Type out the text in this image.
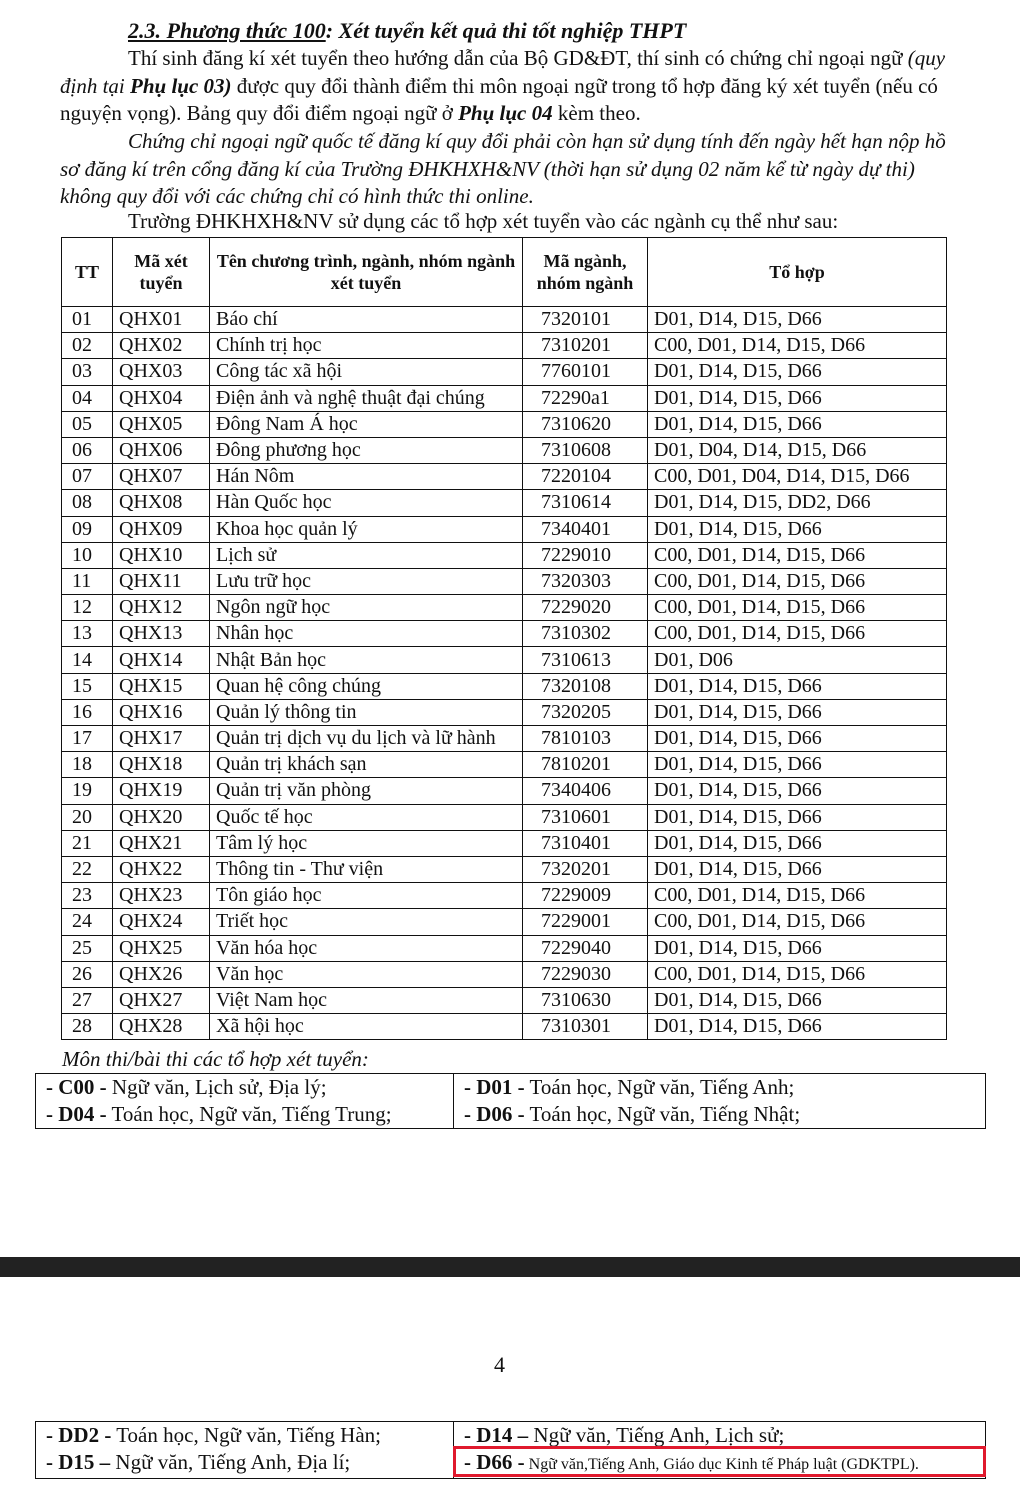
2.3. Phương thức 100: Xét tuyển kết quả thi tốt nghiệp THPT
Thí sinh đăng kí xét tuyển theo hướng dẫn của Bộ GD&ĐT, thí sinh có chứng chỉ ngoại ngữ (quy định tại Phụ lục 03) được quy đổi thành điểm thi môn ngoại ngữ trong tổ hợp đăng ký xét tuyển (nếu có nguyện vọng). Bảng quy đổi điểm ngoại ngữ ở Phụ lục 04 kèm theo.
Chứng chỉ ngoại ngữ quốc tế đăng kí quy đổi phải còn hạn sử dụng tính đến ngày hết hạn nộp hồ sơ đăng kí trên cổng đăng kí của Trường ĐHKHXH&NV (thời hạn sử dụng 02 năm kể từ ngày dự thi) không quy đổi với các chứng chỉ có hình thức thi online.
Trường ĐHKHXH&NV sử dụng các tổ hợp xét tuyển vào các ngành cụ thể như sau:
TT	Mã xét tuyển	Tên chương trình, ngành, nhóm ngành xét tuyển	Mã ngành, nhóm ngành	Tổ hợp
01	QHX01	Báo chí	7320101	D01, D14, D15, D66
02	QHX02	Chính trị học	7310201	C00, D01, D14, D15, D66
03	QHX03	Công tác xã hội	7760101	D01, D14, D15, D66
04	QHX04	Điện ảnh và nghệ thuật đại chúng	72290a1	D01, D14, D15, D66
05	QHX05	Đông Nam Á học	7310620	D01, D14, D15, D66
06	QHX06	Đông phương học	7310608	D01, D04, D14, D15, D66
07	QHX07	Hán Nôm	7220104	C00, D01, D04, D14, D15, D66
08	QHX08	Hàn Quốc học	7310614	D01, D14, D15, DD2, D66
09	QHX09	Khoa học quản lý	7340401	D01, D14, D15, D66
10	QHX10	Lịch sử	7229010	C00, D01, D14, D15, D66
11	QHX11	Lưu trữ học	7320303	C00, D01, D14, D15, D66
12	QHX12	Ngôn ngữ học	7229020	C00, D01, D14, D15, D66
13	QHX13	Nhân học	7310302	C00, D01, D14, D15, D66
14	QHX14	Nhật Bản học	7310613	D01, D06
15	QHX15	Quan hệ công chúng	7320108	D01, D14, D15, D66
16	QHX16	Quản lý thông tin	7320205	D01, D14, D15, D66
17	QHX17	Quản trị dịch vụ du lịch và lữ hành	7810103	D01, D14, D15, D66
18	QHX18	Quản trị khách sạn	7810201	D01, D14, D15, D66
19	QHX19	Quản trị văn phòng	7340406	D01, D14, D15, D66
20	QHX20	Quốc tế học	7310601	D01, D14, D15, D66
21	QHX21	Tâm lý học	7310401	D01, D14, D15, D66
22	QHX22	Thông tin - Thư viện	7320201	D01, D14, D15, D66
23	QHX23	Tôn giáo học	7229009	C00, D01, D14, D15, D66
24	QHX24	Triết học	7229001	C00, D01, D14, D15, D66
25	QHX25	Văn hóa học	7229040	D01, D14, D15, D66
26	QHX26	Văn học	7229030	C00, D01, D14, D15, D66
27	QHX27	Việt Nam học	7310630	D01, D14, D15, D66
28	QHX28	Xã hội học	7310301	D01, D14, D15, D66
Môn thi/bài thi các tổ hợp xét tuyển:
- C00 - Ngữ văn, Lịch sử, Địa lý;
- D04 - Toán học, Ngữ văn, Tiếng Trung;	- D01 - Toán học, Ngữ văn, Tiếng Anh;
- D06 - Toán học, Ngữ văn, Tiếng Nhật;
4
- DD2 - Toán học, Ngữ văn, Tiếng Hàn;
- D15 – Ngữ văn, Tiếng Anh, Địa lí;	- D14 – Ngữ văn, Tiếng Anh, Lịch sử;
- D66 - Ngữ văn,Tiếng Anh, Giáo dục Kinh tế Pháp luật (GDKTPL).
